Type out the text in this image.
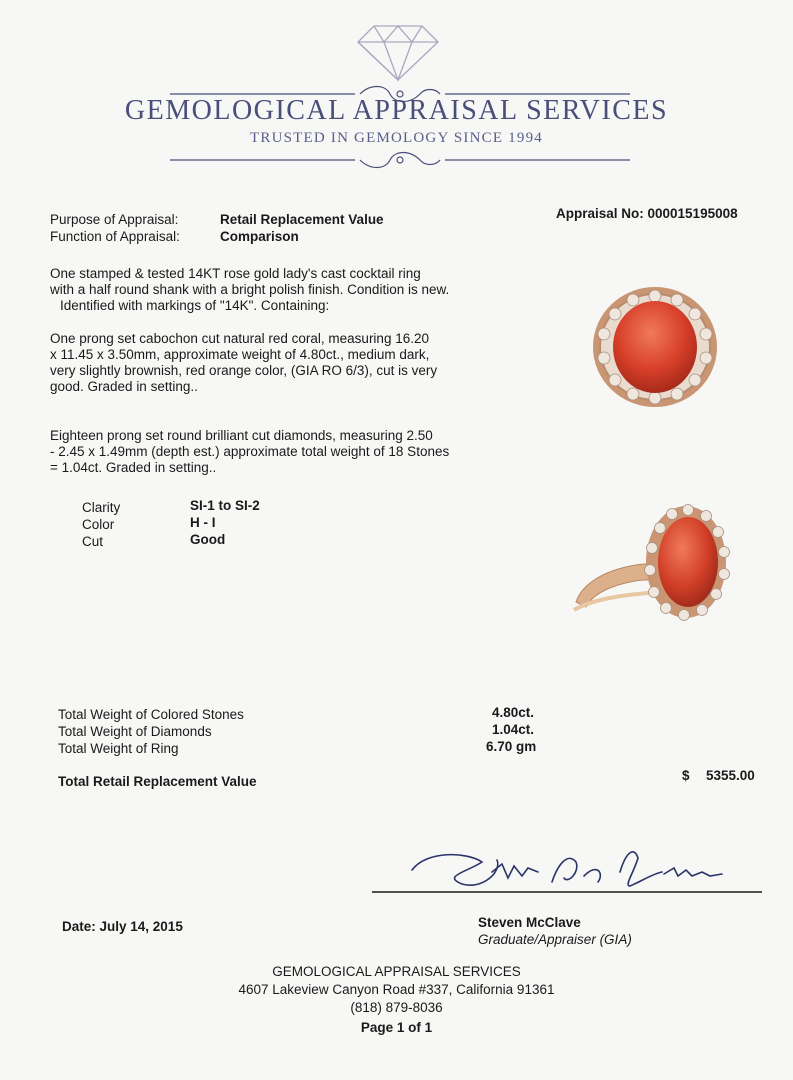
GEMOLOGICAL APPRAISAL SERVICES
TRUSTED IN GEMOLOGY SINCE 1994
Purpose of Appraisal:	Retail Replacement Value
Function of Appraisal:	Comparison
Appraisal No: 000015195008
One stamped & tested 14KT rose gold lady's cast cocktail ring
with a half round shank with a bright polish finish. Condition is new.
Identified with markings of "14K". Containing:
One prong set cabochon cut natural red coral, measuring 16.20
x 11.45 x 3.50mm, approximate weight of 4.80ct., medium dark,
very slightly brownish, red orange color, (GIA RO 6/3), cut is very
good. Graded in setting..
Eighteen prong set round brilliant cut diamonds, measuring 2.50
- 2.45 x 1.49mm (depth est.) approximate total weight of 18 Stones
= 1.04ct. Graded in setting..
Clarity	SI-1 to SI-2
Color	H - I
Cut	Good
Total Weight of Colored Stones	4.80ct.
Total Weight of Diamonds	1.04ct.
Total Weight of Ring	6.70 gm
Total Retail Replacement Value	$ 5355.00
Date: July 14, 2015	Steven McClave
Graduate/Appraiser (GIA)
GEMOLOGICAL APPRAISAL SERVICES
4607 Lakeview Canyon Road #337, California 91361
(818) 879-8036
Page 1 of 1
